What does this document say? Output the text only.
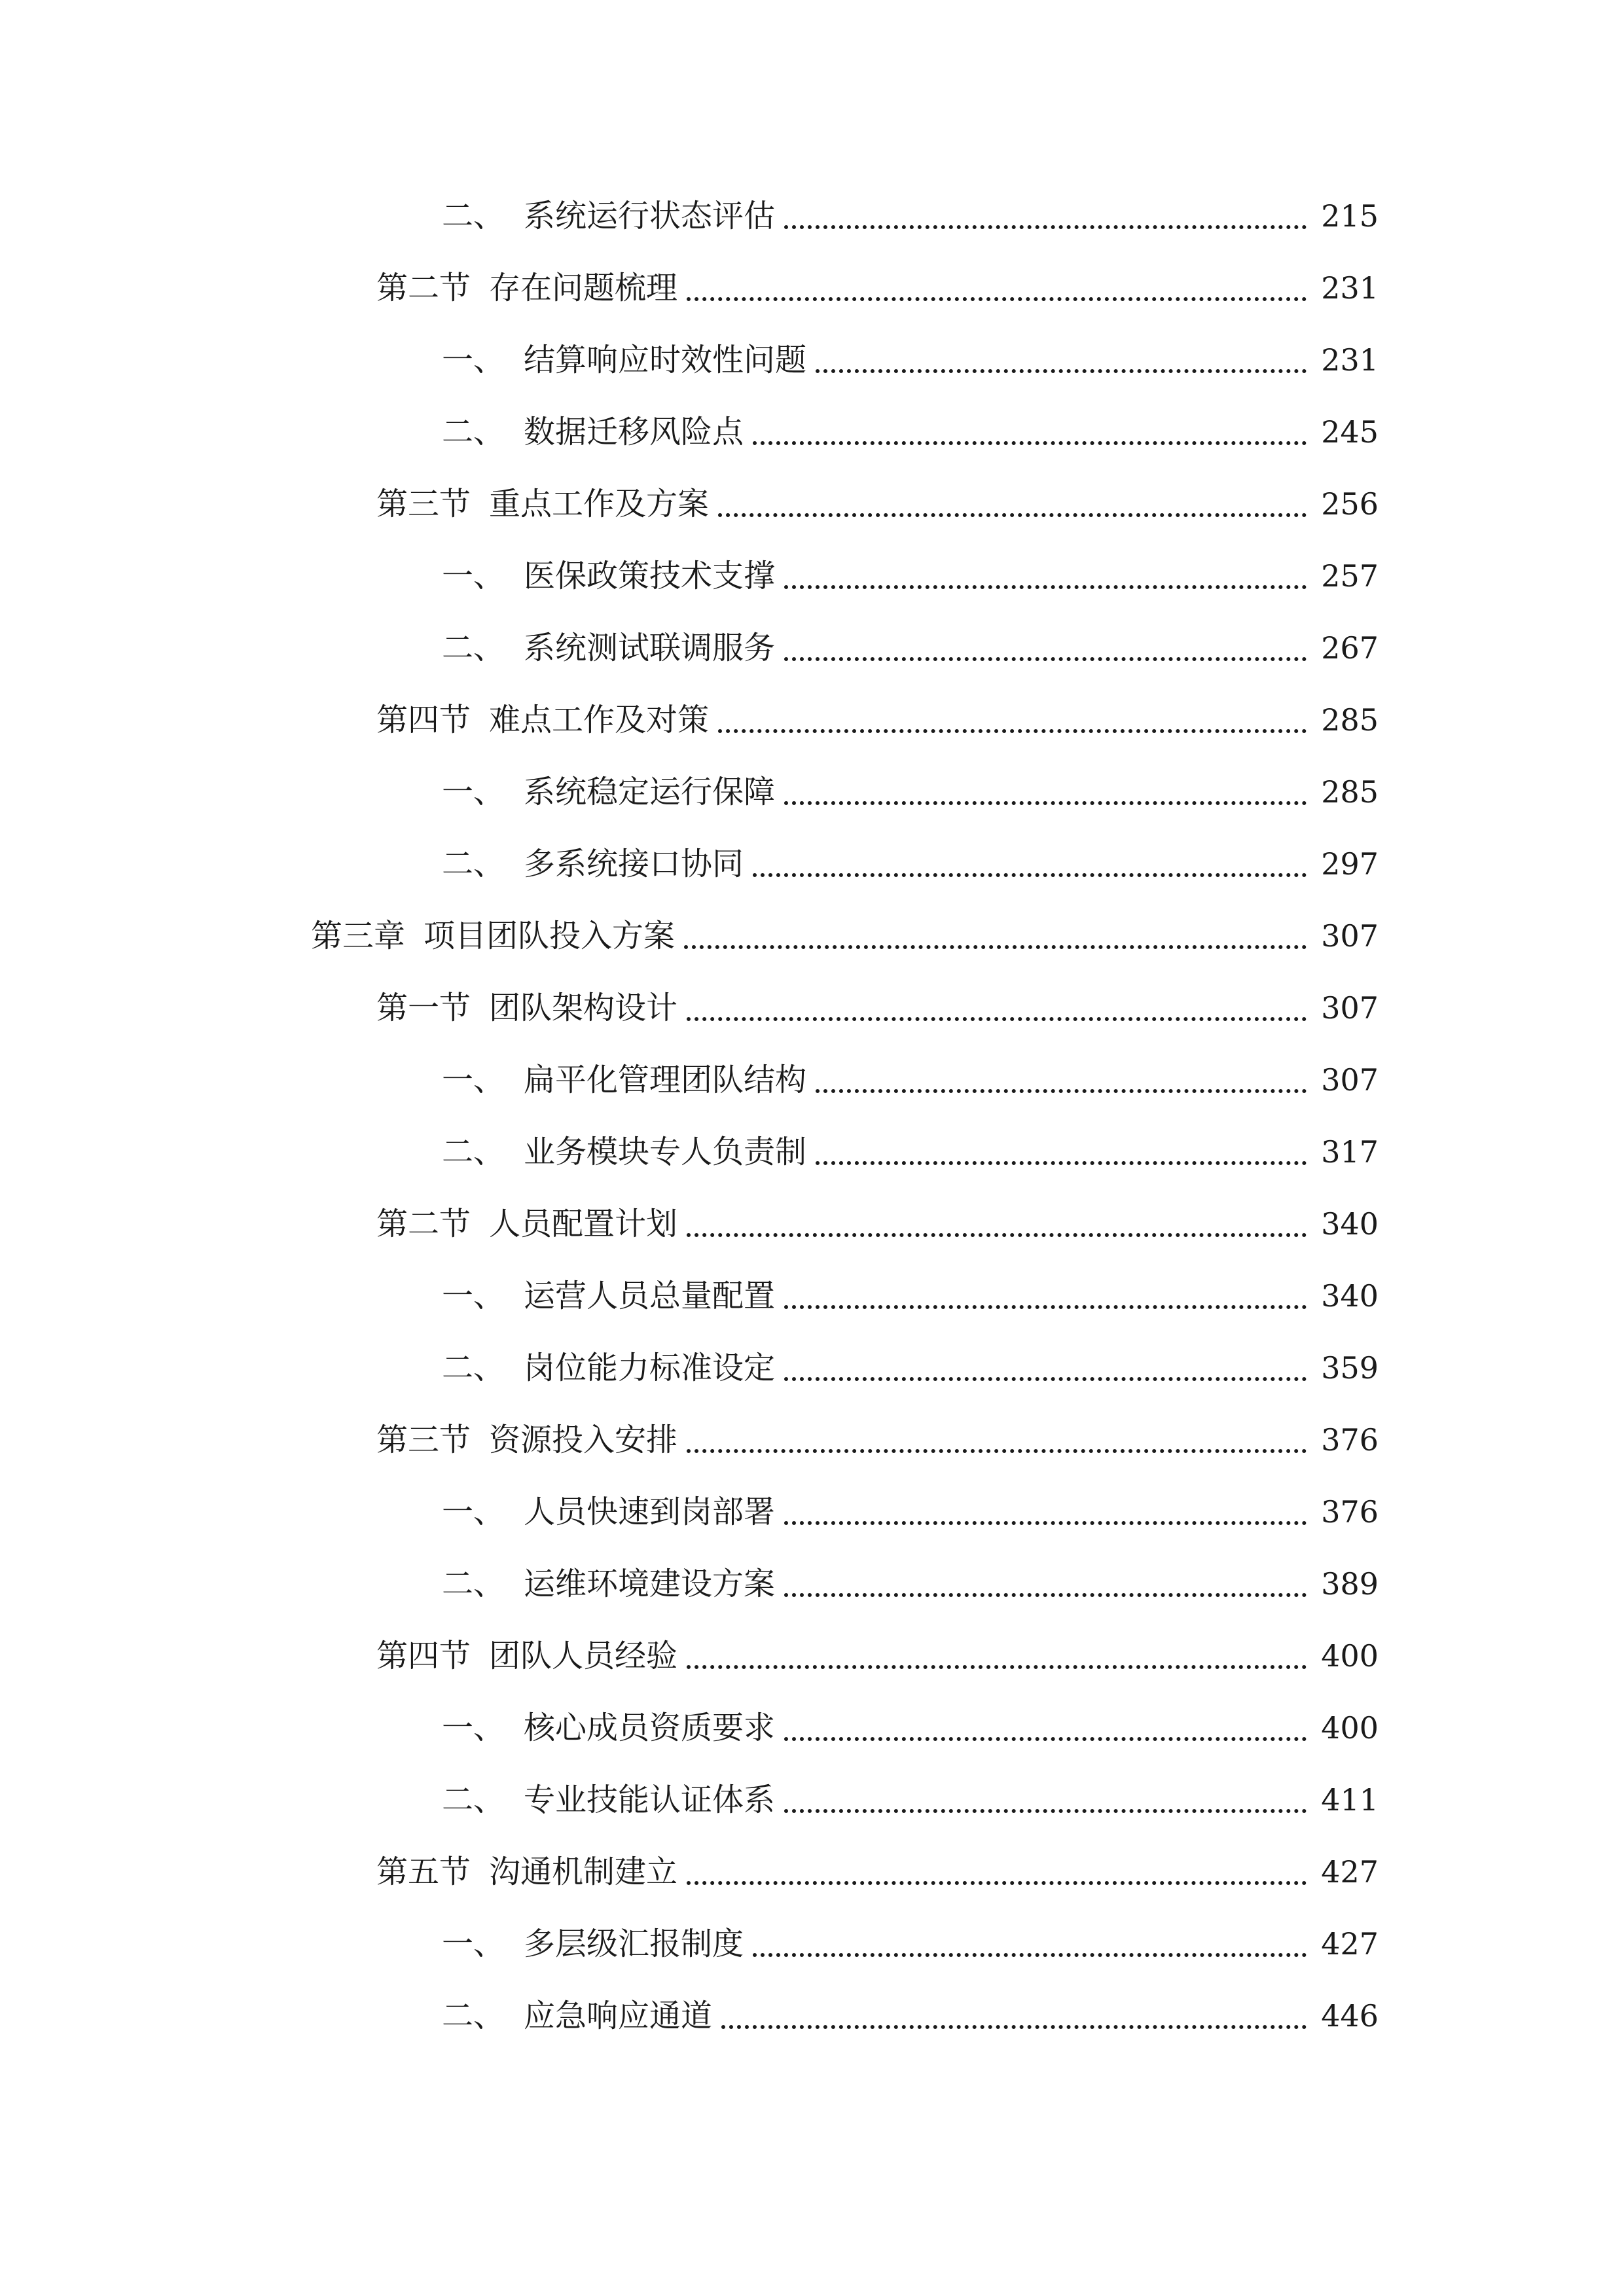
二、 系统运行状态评估	215
第二节 存在问题梳理	231
一、 结算响应时效性问题	231
二、 数据迁移风险点	245
第三节 重点工作及方案	256
一、 医保政策技术支撑	257
二、 系统测试联调服务	267
第四节 难点工作及对策	285
一、 系统稳定运行保障	285
二、 多系统接口协同	297
第三章 项目团队投入方案	307
第一节 团队架构设计	307
一、 扁平化管理团队结构	307
二、 业务模块专人负责制	317
第二节 人员配置计划	340
一、 运营人员总量配置	340
二、 岗位能力标准设定	359
第三节 资源投入安排	376
一、 人员快速到岗部署	376
二、 运维环境建设方案	389
第四节 团队人员经验	400
一、 核心成员资质要求	400
二、 专业技能认证体系	411
第五节 沟通机制建立	427
一、 多层级汇报制度	427
二、 应急响应通道	446
